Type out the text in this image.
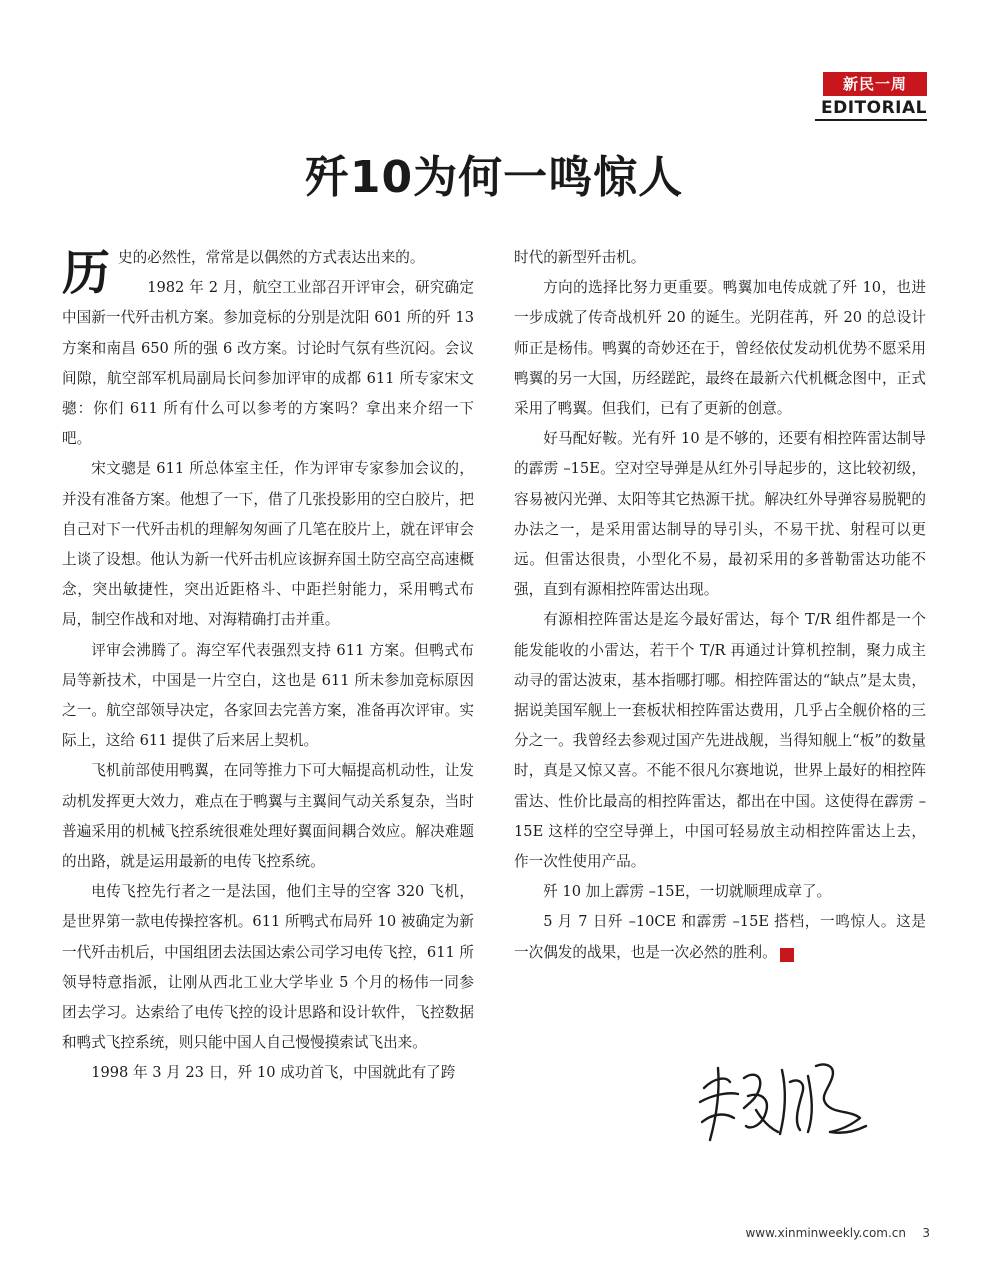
新民一周
EDITORIAL
歼10为何一鸣惊人

历史的必然性，常常是以偶然的方式表达出来的。
1982 年 2 月，航空工业部召开评审会，研究确定中国新一代歼击机方案。参加竞标的分别是沈阳 601 所的歼 13 方案和南昌 650 所的强 6 改方案。讨论时气氛有些沉闷。会议间隙，航空部军机局副局长问参加评审的成都 611 所专家宋文骢：你们 611 所有什么可以参考的方案吗？拿出来介绍一下吧。

宋文骢是 611 所总体室主任，作为评审专家参加会议的，并没有准备方案。他想了一下，借了几张投影用的空白胶片，把自己对下一代歼击机的理解匆匆画了几笔在胶片上，就在评审会上谈了设想。他认为新一代歼击机应该摒弃国土防空高空高速概念，突出敏捷性，突出近距格斗、中距拦射能力，采用鸭式布局，制空作战和对地、对海精确打击并重。

评审会沸腾了。海空军代表强烈支持 611 方案。但鸭式布局等新技术，中国是一片空白，这也是 611 所未参加竞标原因之一。航空部领导决定，各家回去完善方案，准备再次评审。实际上，这给 611 提供了后来居上契机。

飞机前部使用鸭翼，在同等推力下可大幅提高机动性，让发动机发挥更大效力，难点在于鸭翼与主翼间气动关系复杂，当时普遍采用的机械飞控系统很难处理好翼面间耦合效应。解决难题的出路，就是运用最新的电传飞控系统。

电传飞控先行者之一是法国，他们主导的空客 320 飞机，是世界第一款电传操控客机。611 所鸭式布局歼 10 被确定为新一代歼击机后，中国组团去法国达索公司学习电传飞控，611 所领导特意指派，让刚从西北工业大学毕业 5 个月的杨伟一同参团去学习。达索给了电传飞控的设计思路和设计软件，飞控数据和鸭式飞控系统，则只能中国人自己慢慢摸索试飞出来。

1998 年 3 月 23 日，歼 10 成功首飞，中国就此有了跨

时代的新型歼击机。

方向的选择比努力更重要。鸭翼加电传成就了歼 10，也进一步成就了传奇战机歼 20 的诞生。光阴荏苒，歼 20 的总设计师正是杨伟。鸭翼的奇妙还在于，曾经依仗发动机优势不愿采用鸭翼的另一大国，历经蹉跎，最终在最新六代机概念图中，正式采用了鸭翼。但我们，已有了更新的创意。

好马配好鞍。光有歼 10 是不够的，还要有相控阵雷达制导的霹雳 –15E。空对空导弹是从红外引导起步的，这比较初级，容易被闪光弹、太阳等其它热源干扰。解决红外导弹容易脱靶的办法之一，是采用雷达制导的导引头，不易干扰、射程可以更远。但雷达很贵，小型化不易，最初采用的多普勒雷达功能不强，直到有源相控阵雷达出现。

有源相控阵雷达是迄今最好雷达，每个 T/R 组件都是一个能发能收的小雷达，若干个 T/R 再通过计算机控制，聚力成主动寻的雷达波束，基本指哪打哪。相控阵雷达的“缺点”是太贵，据说美国军舰上一套板状相控阵雷达费用，几乎占全舰价格的三分之一。我曾经去参观过国产先进战舰，当得知舰上“板”的数量时，真是又惊又喜。不能不很凡尔赛地说，世界上最好的相控阵雷达、性价比最高的相控阵雷达，都出在中国。这使得在霹雳 –15E 这样的空空导弹上，中国可轻易放主动相控阵雷达上去，作一次性使用产品。

歼 10 加上霹雳 –15E，一切就顺理成章了。

5 月 7 日歼 –10CE 和霹雳 –15E 搭档，一鸣惊人。这是一次偶发的战果，也是一次必然的胜利。	民

www.xinminweekly.com.cn	3
